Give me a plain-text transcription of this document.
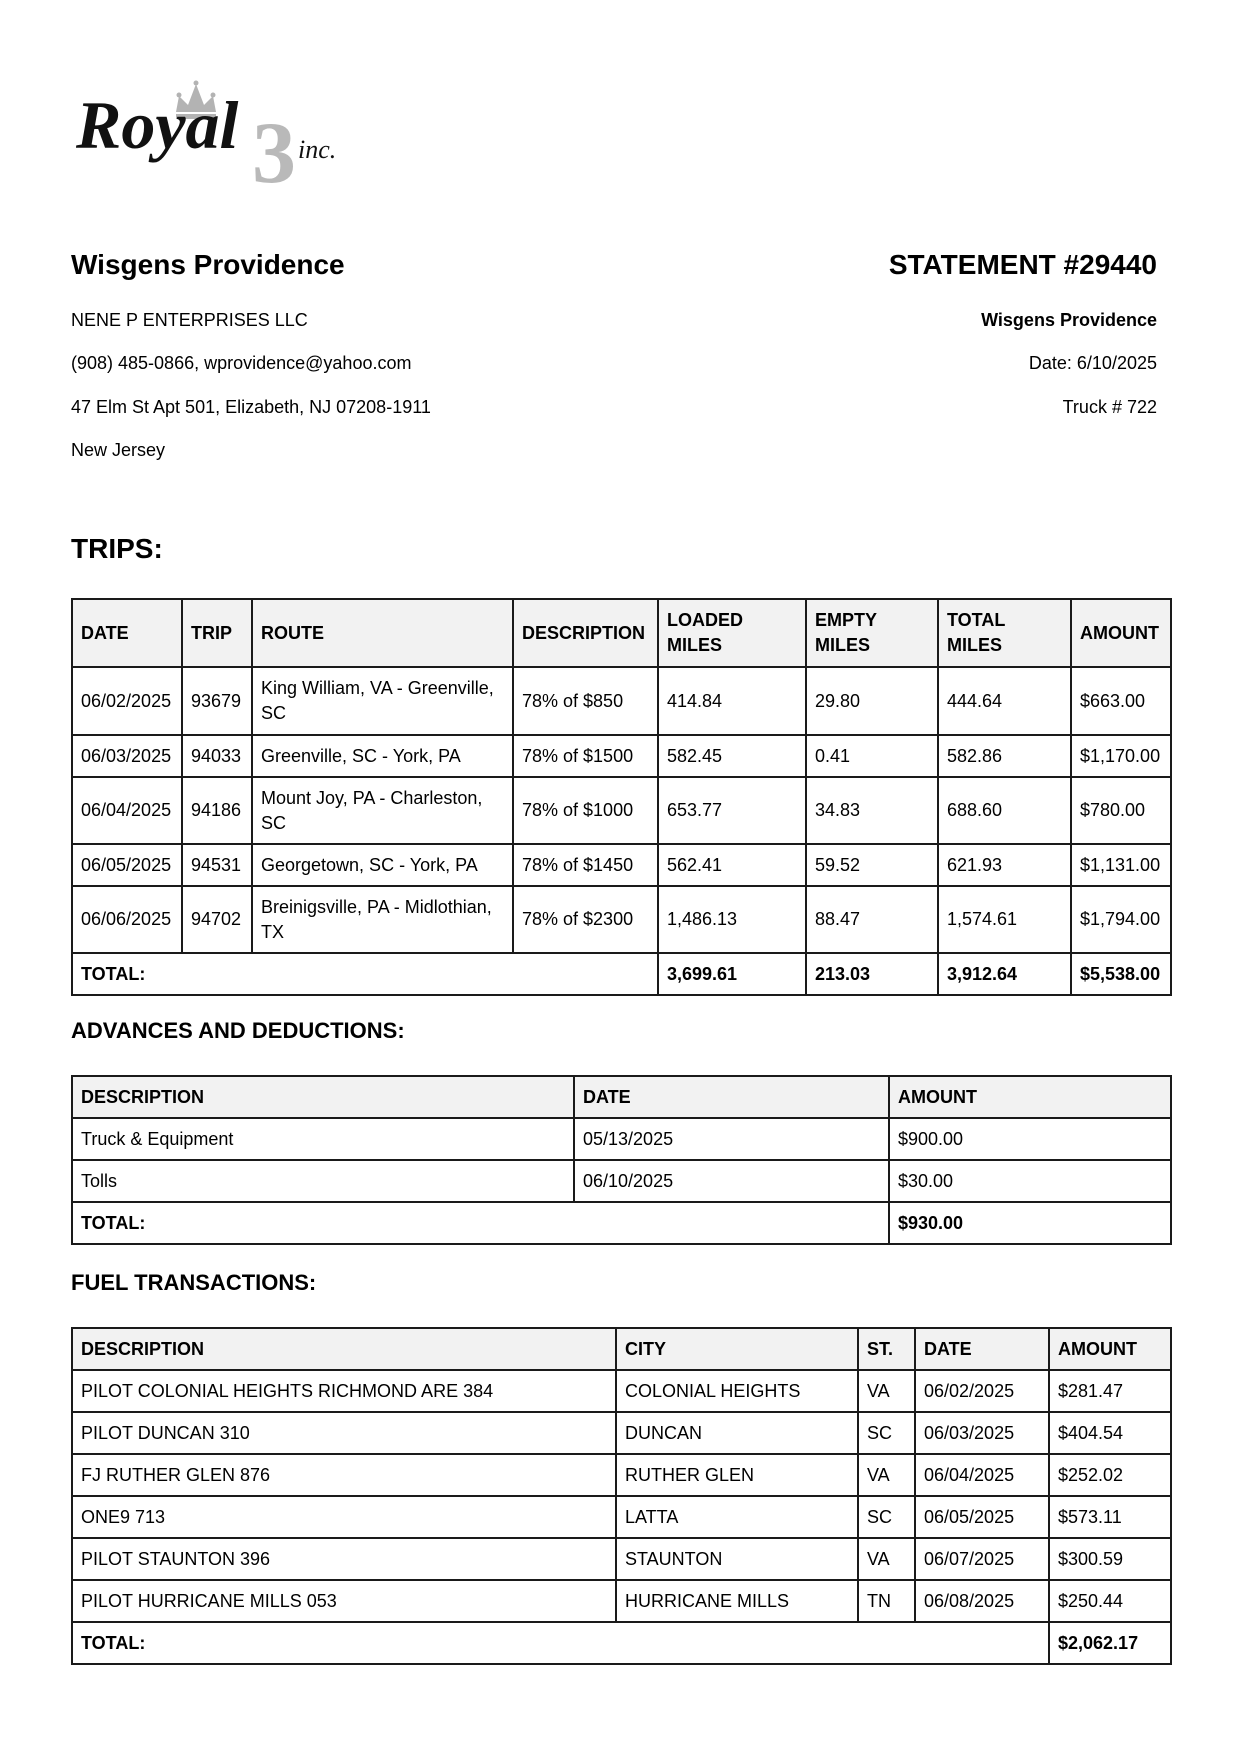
3
Royal inc.
Wisgens Providence	STATEMENT #29440
NENE P ENTERPRISES LLC
(908) 485-0866, wprovidence@yahoo.com
47 Elm St Apt 501, Elizabeth, NJ 07208-1911
New Jersey
Wisgens Providence
Date: 6/10/2025
Truck # 722
TRIPS:
DATE	TRIP	ROUTE	DESCRIPTION	LOADED MILES	EMPTY MILES	TOTAL MILES	AMOUNT
06/02/2025	93679	King William, VA - Greenville, SC	78% of $850	414.84	29.80	444.64	$663.00
06/03/2025	94033	Greenville, SC - York, PA	78% of $1500	582.45	0.41	582.86	$1,170.00
06/04/2025	94186	Mount Joy, PA - Charleston, SC	78% of $1000	653.77	34.83	688.60	$780.00
06/05/2025	94531	Georgetown, SC - York, PA	78% of $1450	562.41	59.52	621.93	$1,131.00
06/06/2025	94702	Breinigsville, PA - Midlothian, TX	78% of $2300	1,486.13	88.47	1,574.61	$1,794.00
TOTAL:				3,699.61	213.03	3,912.64	$5,538.00
ADVANCES AND DEDUCTIONS:
DESCRIPTION	DATE	AMOUNT
Truck & Equipment	05/13/2025	$900.00
Tolls	06/10/2025	$30.00
TOTAL:		$930.00
FUEL TRANSACTIONS:
DESCRIPTION	CITY	ST.	DATE	AMOUNT
PILOT COLONIAL HEIGHTS RICHMOND ARE 384	COLONIAL HEIGHTS	VA	06/02/2025	$281.47
PILOT DUNCAN 310	DUNCAN	SC	06/03/2025	$404.54
FJ RUTHER GLEN 876	RUTHER GLEN	VA	06/04/2025	$252.02
ONE9 713	LATTA	SC	06/05/2025	$573.11
PILOT STAUNTON 396	STAUNTON	VA	06/07/2025	$300.59
PILOT HURRICANE MILLS 053	HURRICANE MILLS	TN	06/08/2025	$250.44
TOTAL:				$2,062.17
